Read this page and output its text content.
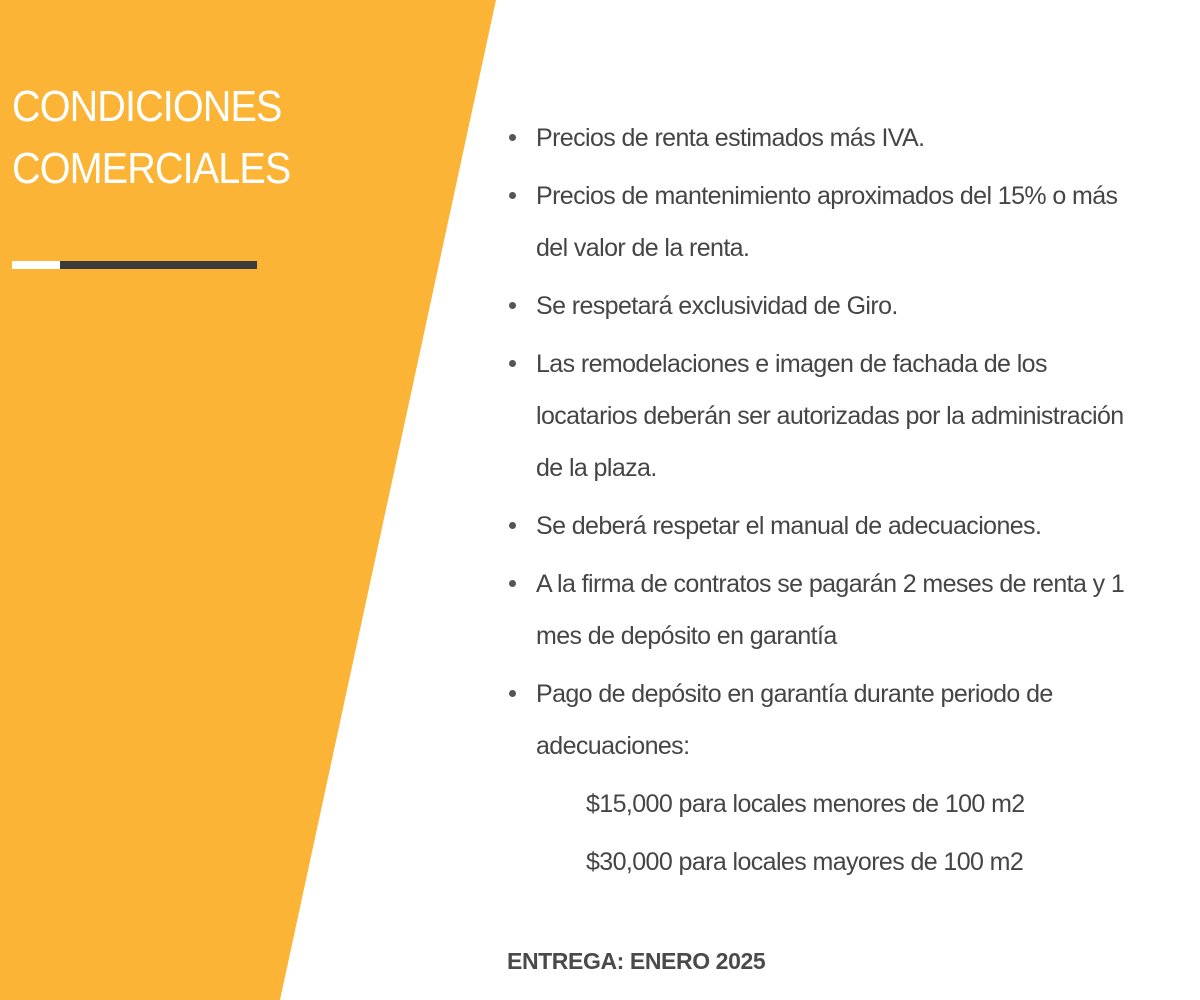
CONDICIONES
COMERCIALES
Precios de renta estimados más IVA.
Precios de mantenimiento aproximados del 15% o más del valor de la renta.
Se respetará exclusividad de Giro.
Las remodelaciones e imagen de fachada de los locatarios deberán ser autorizadas por la administración de la plaza.
Se deberá respetar el manual de adecuaciones.
A la firma de contratos se pagarán 2 meses de renta y 1 mes de depósito en garantía
Pago de depósito en garantía durante periodo de adecuaciones:
$15,000 para locales menores de 100 m2
$30,000 para locales mayores de 100 m2

ENTREGA: ENERO 2025
